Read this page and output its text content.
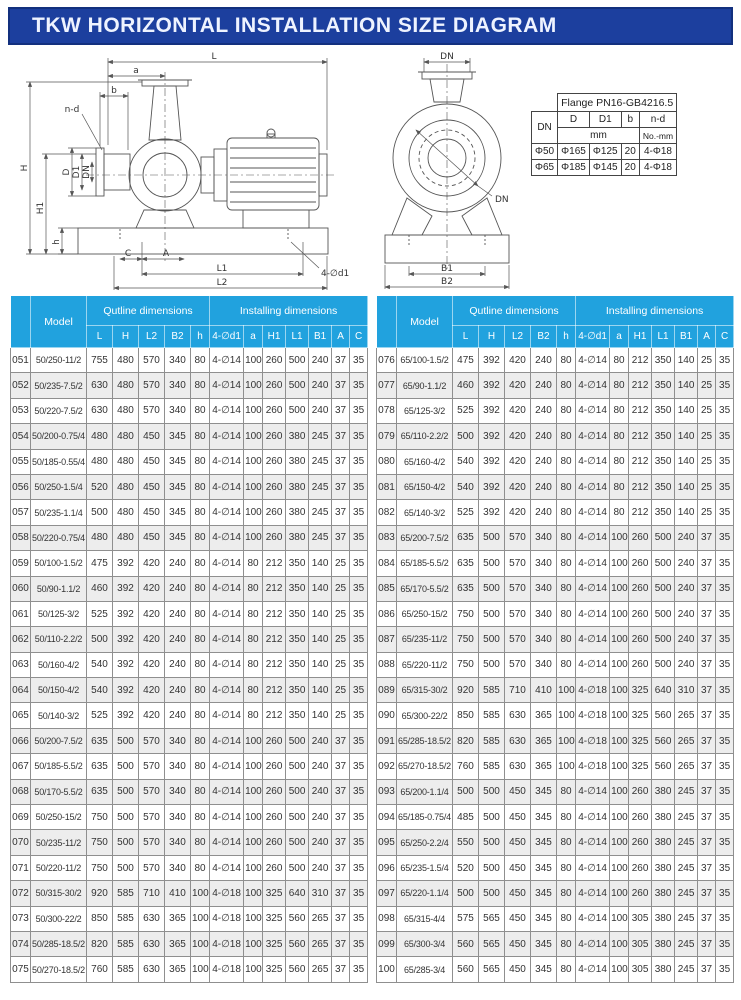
TKW HORIZONTAL INSTALLATION SIZE DIAGRAM
L
a
b
n-d
H
H1
D D1 DN
h
C	A
L1
L2
4-∅d1
DN
DN
B1
B2
	Flange PN16-GB4216.5			
DN	D	D1	b	n-d
	mm			No.-mm
Φ50	Φ165	Φ125	20	4-Φ18
Φ65	Φ185	Φ145	20	4-Φ18
	Model	Qutline dimensions					Installing dimensions						
		L	H	L2	B2	h	4-∅d1	a	H1	L1	B1	A	C
051	50/250-11/2	755	480	570	340	80	4-∅14	100	260	500	240	37	35
052	50/235-7.5/2	630	480	570	340	80	4-∅14	100	260	500	240	37	35
053	50/220-7.5/2	630	480	570	340	80	4-∅14	100	260	500	240	37	35
054	50/200-0.75/4	480	480	450	345	80	4-∅14	100	260	380	245	37	35
055	50/185-0.55/4	480	480	450	345	80	4-∅14	100	260	380	245	37	35
056	50/250-1.5/4	520	480	450	345	80	4-∅14	100	260	380	245	37	35
057	50/235-1.1/4	500	480	450	345	80	4-∅14	100	260	380	245	37	35
058	50/220-0.75/4	480	480	450	345	80	4-∅14	100	260	380	245	37	35
059	50/100-1.5/2	475	392	420	240	80	4-∅14	80	212	350	140	25	35
060	50/90-1.1/2	460	392	420	240	80	4-∅14	80	212	350	140	25	35
061	50/125-3/2	525	392	420	240	80	4-∅14	80	212	350	140	25	35
062	50/110-2.2/2	500	392	420	240	80	4-∅14	80	212	350	140	25	35
063	50/160-4/2	540	392	420	240	80	4-∅14	80	212	350	140	25	35
064	50/150-4/2	540	392	420	240	80	4-∅14	80	212	350	140	25	35
065	50/140-3/2	525	392	420	240	80	4-∅14	80	212	350	140	25	35
066	50/200-7.5/2	635	500	570	340	80	4-∅14	100	260	500	240	37	35
067	50/185-5.5/2	635	500	570	340	80	4-∅14	100	260	500	240	37	35
068	50/170-5.5/2	635	500	570	340	80	4-∅14	100	260	500	240	37	35
069	50/250-15/2	750	500	570	340	80	4-∅14	100	260	500	240	37	35
070	50/235-11/2	750	500	570	340	80	4-∅14	100	260	500	240	37	35
071	50/220-11/2	750	500	570	340	80	4-∅14	100	260	500	240	37	35
072	50/315-30/2	920	585	710	410	100	4-∅18	100	325	640	310	37	35
073	50/300-22/2	850	585	630	365	100	4-∅18	100	325	560	265	37	35
074	50/285-18.5/2	820	585	630	365	100	4-∅18	100	325	560	265	37	35
075	50/270-18.5/2	760	585	630	365	100	4-∅18	100	325	560	265	37	35
	Model	Qutline dimensions					Installing dimensions						
		L	H	L2	B2	h	4-∅d1	a	H1	L1	B1	A	C
076	65/100-1.5/2	475	392	420	240	80	4-∅14	80	212	350	140	25	35
077	65/90-1.1/2	460	392	420	240	80	4-∅14	80	212	350	140	25	35
078	65/125-3/2	525	392	420	240	80	4-∅14	80	212	350	140	25	35
079	65/110-2.2/2	500	392	420	240	80	4-∅14	80	212	350	140	25	35
080	65/160-4/2	540	392	420	240	80	4-∅14	80	212	350	140	25	35
081	65/150-4/2	540	392	420	240	80	4-∅14	80	212	350	140	25	35
082	65/140-3/2	525	392	420	240	80	4-∅14	80	212	350	140	25	35
083	65/200-7.5/2	635	500	570	340	80	4-∅14	100	260	500	240	37	35
084	65/185-5.5/2	635	500	570	340	80	4-∅14	100	260	500	240	37	35
085	65/170-5.5/2	635	500	570	340	80	4-∅14	100	260	500	240	37	35
086	65/250-15/2	750	500	570	340	80	4-∅14	100	260	500	240	37	35
087	65/235-11/2	750	500	570	340	80	4-∅14	100	260	500	240	37	35
088	65/220-11/2	750	500	570	340	80	4-∅14	100	260	500	240	37	35
089	65/315-30/2	920	585	710	410	100	4-∅18	100	325	640	310	37	35
090	65/300-22/2	850	585	630	365	100	4-∅18	100	325	560	265	37	35
091	65/285-18.5/2	820	585	630	365	100	4-∅18	100	325	560	265	37	35
092	65/270-18.5/2	760	585	630	365	100	4-∅18	100	325	560	265	37	35
093	65/200-1.1/4	500	500	450	345	80	4-∅14	100	260	380	245	37	35
094	65/185-0.75/4	485	500	450	345	80	4-∅14	100	260	380	245	37	35
095	65/250-2.2/4	550	500	450	345	80	4-∅14	100	260	380	245	37	35
096	65/235-1.5/4	520	500	450	345	80	4-∅14	100	260	380	245	37	35
097	65/220-1.1/4	500	500	450	345	80	4-∅14	100	260	380	245	37	35
098	65/315-4/4	575	565	450	345	80	4-∅14	100	305	380	245	37	35
099	65/300-3/4	560	565	450	345	80	4-∅14	100	305	380	245	37	35
100	65/285-3/4	560	565	450	345	80	4-∅14	100	305	380	245	37	35
